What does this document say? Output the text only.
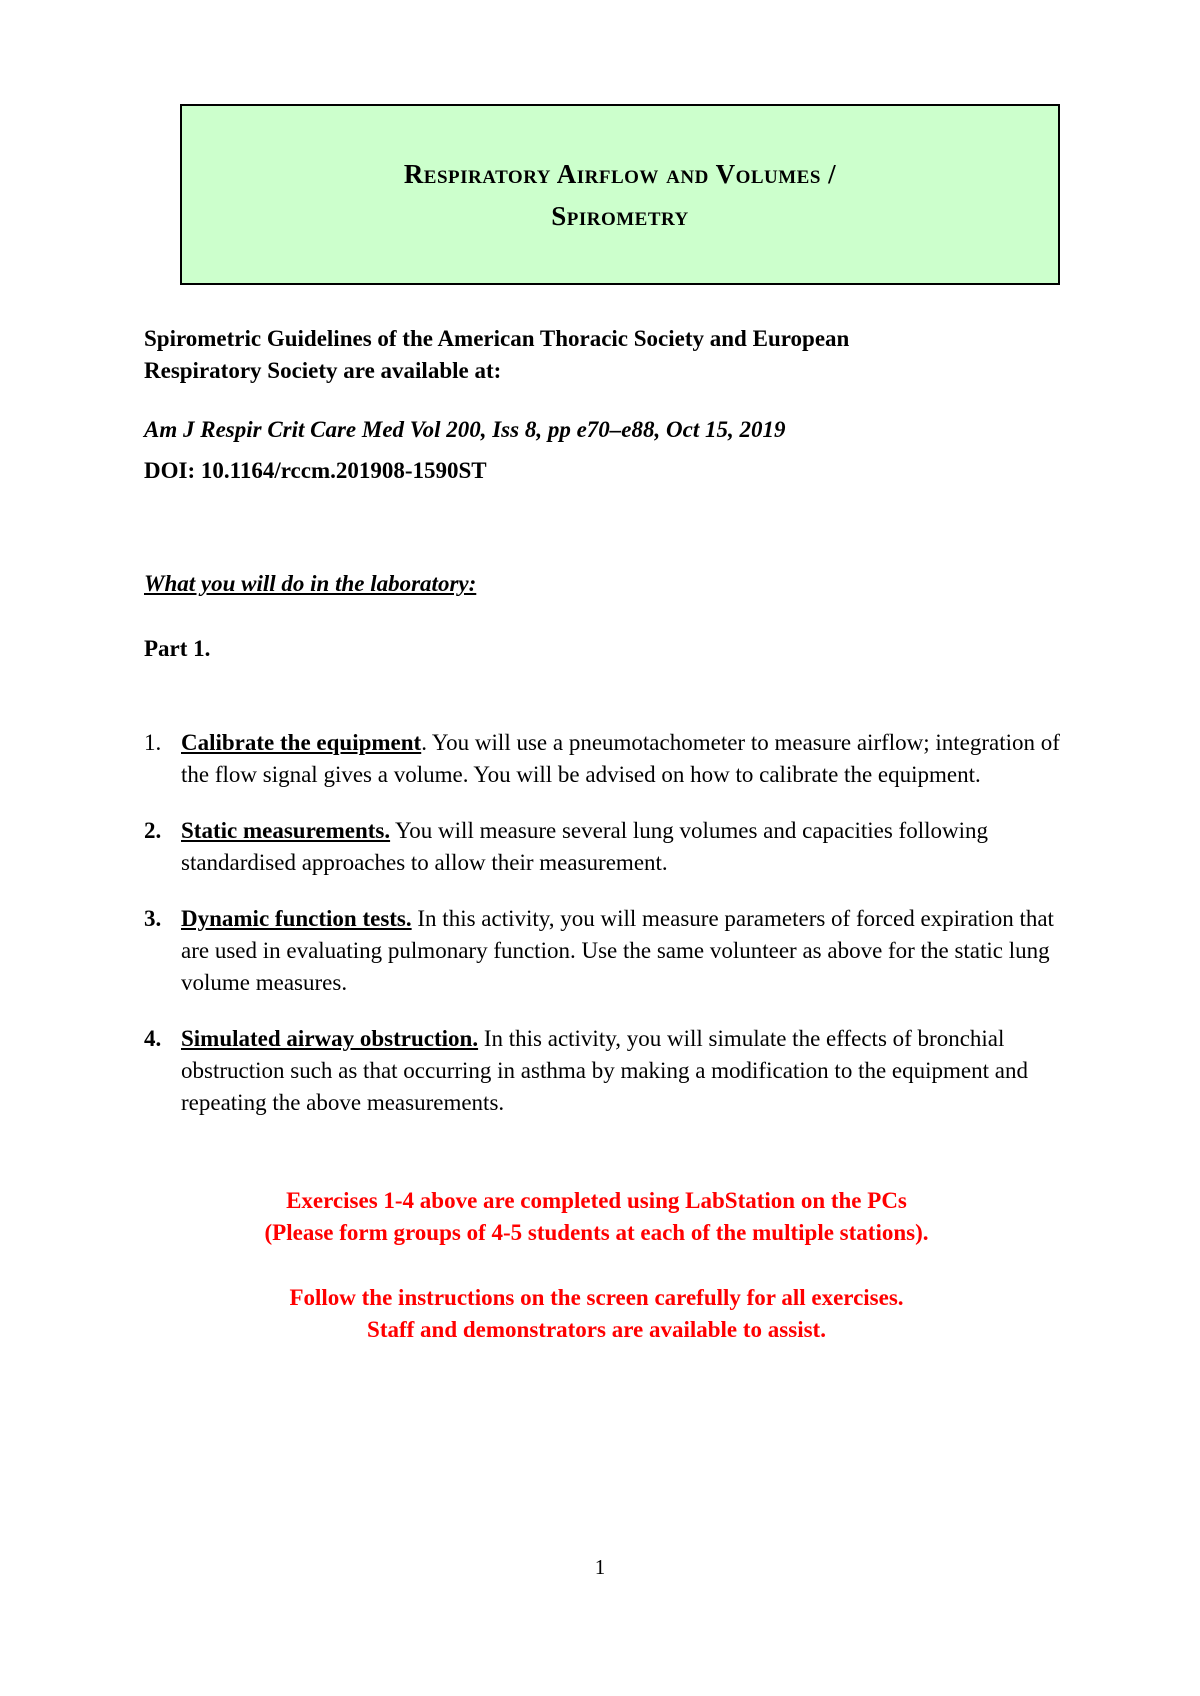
Respiratory Airflow and Volumes /
Spirometry
Spirometric Guidelines of the American Thoracic Society and European
Respiratory Society are available at:
Am J Respir Crit Care Med Vol 200, Iss 8, pp e70–e88, Oct 15, 2019
DOI: 10.1164/rccm.201908-1590ST
What you will do in the laboratory:
Part 1.
1. Calibrate the equipment. You will use a pneumotachometer to measure airflow; integration of the flow signal gives a volume. You will be advised on how to calibrate the equipment.
2. Static measurements. You will measure several lung volumes and capacities following standardised approaches to allow their measurement.
3. Dynamic function tests. In this activity, you will measure parameters of forced expiration that are used in evaluating pulmonary function. Use the same volunteer as above for the static lung volume measures.
4. Simulated airway obstruction. In this activity, you will simulate the effects of bronchial obstruction such as that occurring in asthma by making a modification to the equipment and repeating the above measurements.
Exercises 1-4 above are completed using LabStation on the PCs
(Please form groups of 4-5 students at each of the multiple stations).
Follow the instructions on the screen carefully for all exercises.
Staff and demonstrators are available to assist.
1
